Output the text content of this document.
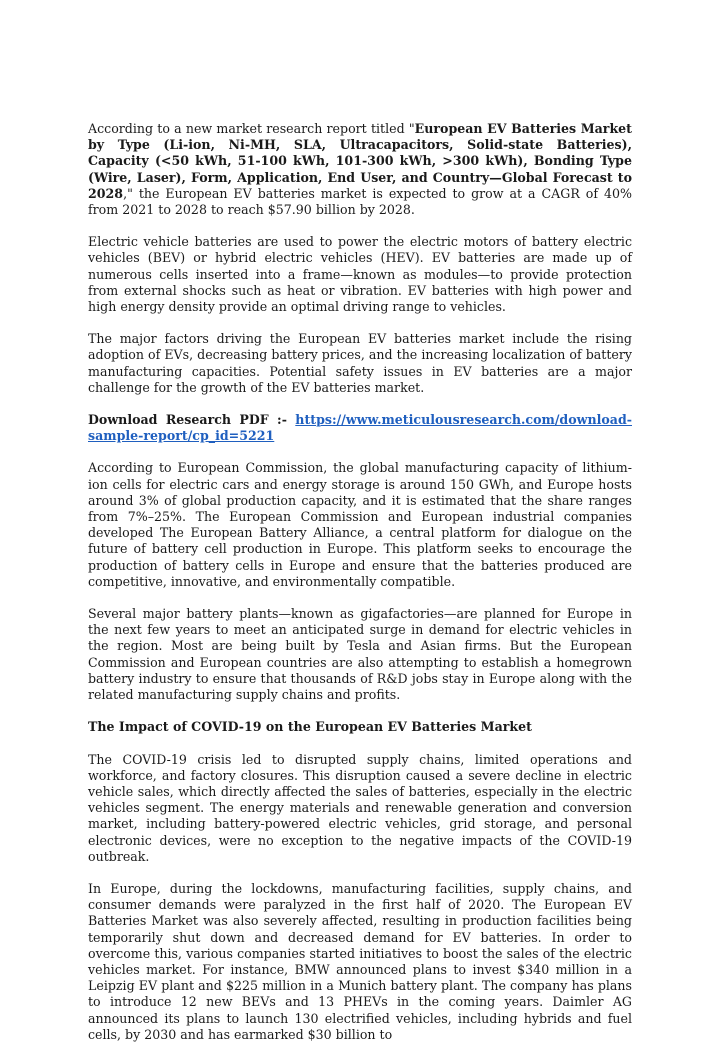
According to a new market research report titled "European EV Batteries Market by Type (Li-ion, Ni-MH, SLA, Ultracapacitors, Solid-state Batteries), Capacity (<50 kWh, 51-100 kWh, 101-300 kWh, >300 kWh), Bonding Type (Wire, Laser), Form, Application, End User, and Country—Global Forecast to 2028," the European EV batteries market is expected to grow at a CAGR of 40% from 2021 to 2028 to reach $57.90 billion by 2028.

Electric vehicle batteries are used to power the electric motors of battery electric vehicles (BEV) or hybrid electric vehicles (HEV). EV batteries are made up of numerous cells inserted into a frame—known as modules—to provide protection from external shocks such as heat or vibration. EV batteries with high power and high energy density provide an optimal driving range to vehicles.

The major factors driving the European EV batteries market include the rising adoption of EVs, decreasing battery prices, and the increasing localization of battery manufacturing capacities. Potential safety issues in EV batteries are a major challenge for the growth of the EV batteries market.

Download Research PDF :- https://www.meticulousresearch.com/download-sample-report/cp_id=5221

According to European Commission, the global manufacturing capacity of lithium-ion cells for electric cars and energy storage is around 150 GWh, and Europe hosts around 3% of global production capacity, and it is estimated that the share ranges from 7%–25%. The European Commission and European industrial companies developed The European Battery Alliance, a central platform for dialogue on the future of battery cell production in Europe. This platform seeks to encourage the production of battery cells in Europe and ensure that the batteries produced are competitive, innovative, and environmentally compatible.

Several major battery plants—known as gigafactories—are planned for Europe in the next few years to meet an anticipated surge in demand for electric vehicles in the region. Most are being built by Tesla and Asian firms. But the European Commission and European countries are also attempting to establish a homegrown battery industry to ensure that thousands of R&D jobs stay in Europe along with the related manufacturing supply chains and profits.

The Impact of COVID-19 on the European EV Batteries Market

The COVID-19 crisis led to disrupted supply chains, limited operations and workforce, and factory closures. This disruption caused a severe decline in electric vehicle sales, which directly affected the sales of batteries, especially in the electric vehicles segment. The energy materials and renewable generation and conversion market, including battery-powered electric vehicles, grid storage, and personal electronic devices, were no exception to the negative impacts of the COVID-19 outbreak.

In Europe, during the lockdowns, manufacturing facilities, supply chains, and consumer demands were paralyzed in the first half of 2020. The European EV Batteries Market was also severely affected, resulting in production facilities being temporarily shut down and decreased demand for EV batteries. In order to overcome this, various companies started initiatives to boost the sales of the electric vehicles market. For instance, BMW announced plans to invest $340 million in a Leipzig EV plant and $225 million in a Munich battery plant. The company has plans to introduce 12 new BEVs and 13 PHEVs in the coming years. Daimler AG announced its plans to launch 130 electrified vehicles, including hybrids and fuel cells, by 2030 and has earmarked $30 billion to
